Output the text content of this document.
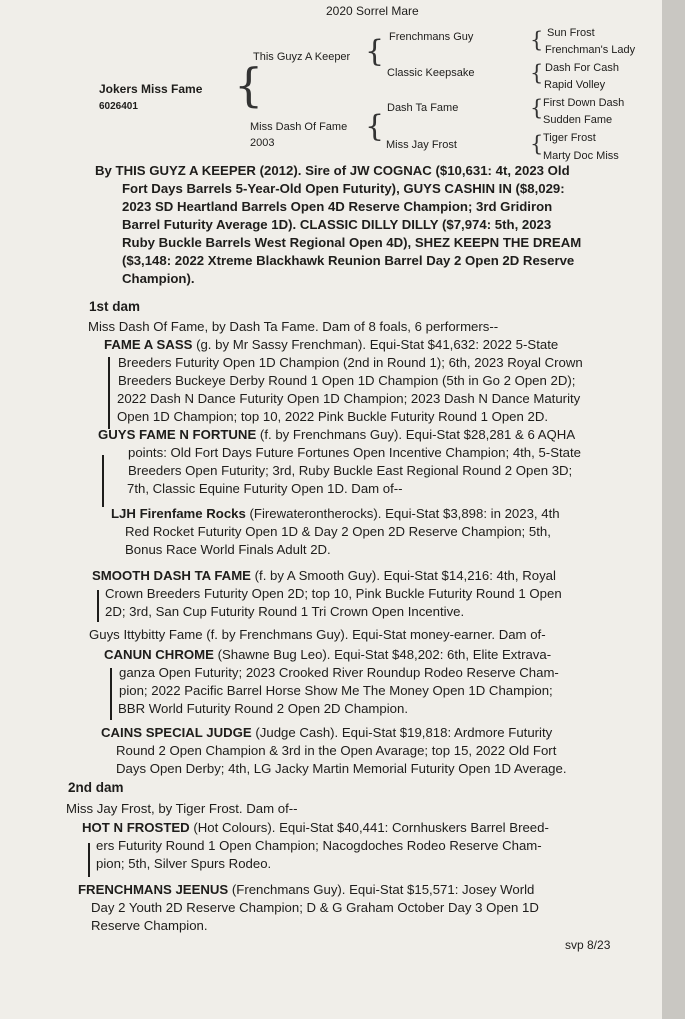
2020 Sorrel Mare
Jokers Miss Fame
6026401 {
This Guyz A Keeper
Miss Dash Of Fame
2003
{
{
Frenchmans Guy
Classic Keepsake
Dash Ta Fame
Miss Jay Frost
{
{
{
{
Sun Frost
Frenchman's Lady
Dash For Cash
Rapid Volley
First Down Dash
Sudden Fame
Tiger Frost
Marty Doc Miss
By THIS GUYZ A KEEPER (2012). Sire of JW COGNAC ($10,631: 4t, 2023 Old
Fort Days Barrels 5-Year-Old Open Futurity), GUYS CASHIN IN ($8,029:
2023 SD Heartland Barrels Open 4D Reserve Champion; 3rd Gridiron
Barrel Futurity Average 1D). CLASSIC DILLY DILLY ($7,974: 5th, 2023
Ruby Buckle Barrels West Regional Open 4D), SHEZ KEEPN THE DREAM
($3,148: 2022 Xtreme Blackhawk Reunion Barrel Day 2 Open 2D Reserve
Champion).
1st dam
Miss Dash Of Fame, by Dash Ta Fame. Dam of 8 foals, 6 performers--
FAME A SASS (g. by Mr Sassy Frenchman). Equi-Stat $41,632: 2022 5-State
Breeders Futurity Open 1D Champion (2nd in Round 1); 6th, 2023 Royal Crown
Breeders Buckeye Derby Round 1 Open 1D Champion (5th in Go 2 Open 2D);
2022 Dash N Dance Futurity Open 1D Champion; 2023 Dash N Dance Maturity
Open 1D Champion; top 10, 2022 Pink Buckle Futurity Round 1 Open 2D.
GUYS FAME N FORTUNE (f. by Frenchmans Guy). Equi-Stat $28,281 & 6 AQHA
points: Old Fort Days Future Fortunes Open Incentive Champion; 4th, 5-State
Breeders Open Futurity; 3rd, Ruby Buckle East Regional Round 2 Open 3D;
7th, Classic Equine Futurity Open 1D. Dam of--
LJH Firenfame Rocks (Firewaterontherocks). Equi-Stat $3,898: in 2023, 4th
Red Rocket Futurity Open 1D & Day 2 Open 2D Reserve Champion; 5th,
Bonus Race World Finals Adult 2D.
SMOOTH DASH TA FAME (f. by A Smooth Guy). Equi-Stat $14,216: 4th, Royal
Crown Breeders Futurity Open 2D; top 10, Pink Buckle Futurity Round 1 Open
2D; 3rd, San Cup Futurity Round 1 Tri Crown Open Incentive.
Guys Ittybitty Fame (f. by Frenchmans Guy). Equi-Stat money-earner. Dam of-
CANUN CHROME (Shawne Bug Leo). Equi-Stat $48,202: 6th, Elite Extrava-
ganza Open Futurity; 2023 Crooked River Roundup Rodeo Reserve Cham-
pion; 2022 Pacific Barrel Horse Show Me The Money Open 1D Champion;
BBR World Futurity Round 2 Open 2D Champion.
CAINS SPECIAL JUDGE (Judge Cash). Equi-Stat $19,818: Ardmore Futurity
Round 2 Open Champion & 3rd in the Open Avarage; top 15, 2022 Old Fort
Days Open Derby; 4th, LG Jacky Martin Memorial Futurity Open 1D Average.
2nd dam
Miss Jay Frost, by Tiger Frost. Dam of--
HOT N FROSTED (Hot Colours). Equi-Stat $40,441: Cornhuskers Barrel Breed-
ers Futurity Round 1 Open Champion; Nacogdoches Rodeo Reserve Cham-
pion; 5th, Silver Spurs Rodeo.
FRENCHMANS JEENUS (Frenchmans Guy). Equi-Stat $15,571: Josey World
Day 2 Youth 2D Reserve Champion; D & G Graham October Day 3 Open 1D
Reserve Champion.
svp 8/23
